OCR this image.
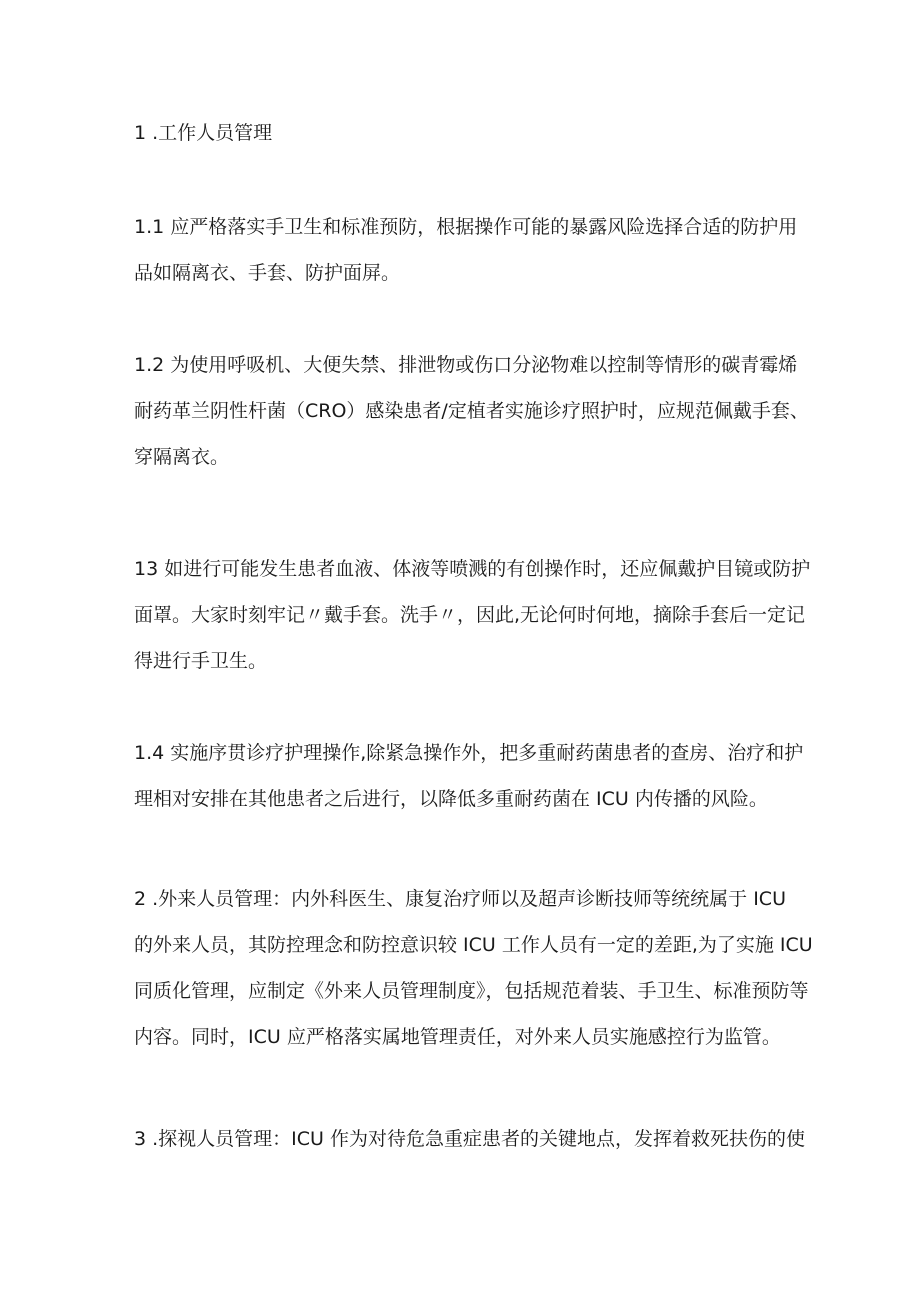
1 .工作人员管理

1.1 应严格落实手卫生和标准预防，根据操作可能的暴露风险选择合适的防护用
品如隔离衣、手套、防护面屏。

1.2 为使用呼吸机、大便失禁、排泄物或伤口分泌物难以控制等情形的碳青霉烯
耐药革兰阴性杆菌（CRO）感染患者/定植者实施诊疗照护时，应规范佩戴手套、
穿隔离衣。

13 如进行可能发生患者血液、体液等喷溅的有创操作时，还应佩戴护目镜或防护
面罩。大家时刻牢记〃戴手套。洗手〃，因此,无论何时何地，摘除手套后一定记
得进行手卫生。

1.4 实施序贯诊疗护理操作,除紧急操作外，把多重耐药菌患者的查房、治疗和护
理相对安排在其他患者之后进行，以降低多重耐药菌在 ICU 内传播的风险。

2 .外来人员管理：内外科医生、康复治疗师以及超声诊断技师等统统属于 ICU
的外来人员，其防控理念和防控意识较 ICU 工作人员有一定的差距,为了实施 ICU
同质化管理，应制定《外来人员管理制度》，包括规范着装、手卫生、标准预防等
内容。同时，ICU 应严格落实属地管理责任，对外来人员实施感控行为监管。

3 .探视人员管理：ICU 作为对待危急重症患者的关键地点，发挥着救死扶伤的使
